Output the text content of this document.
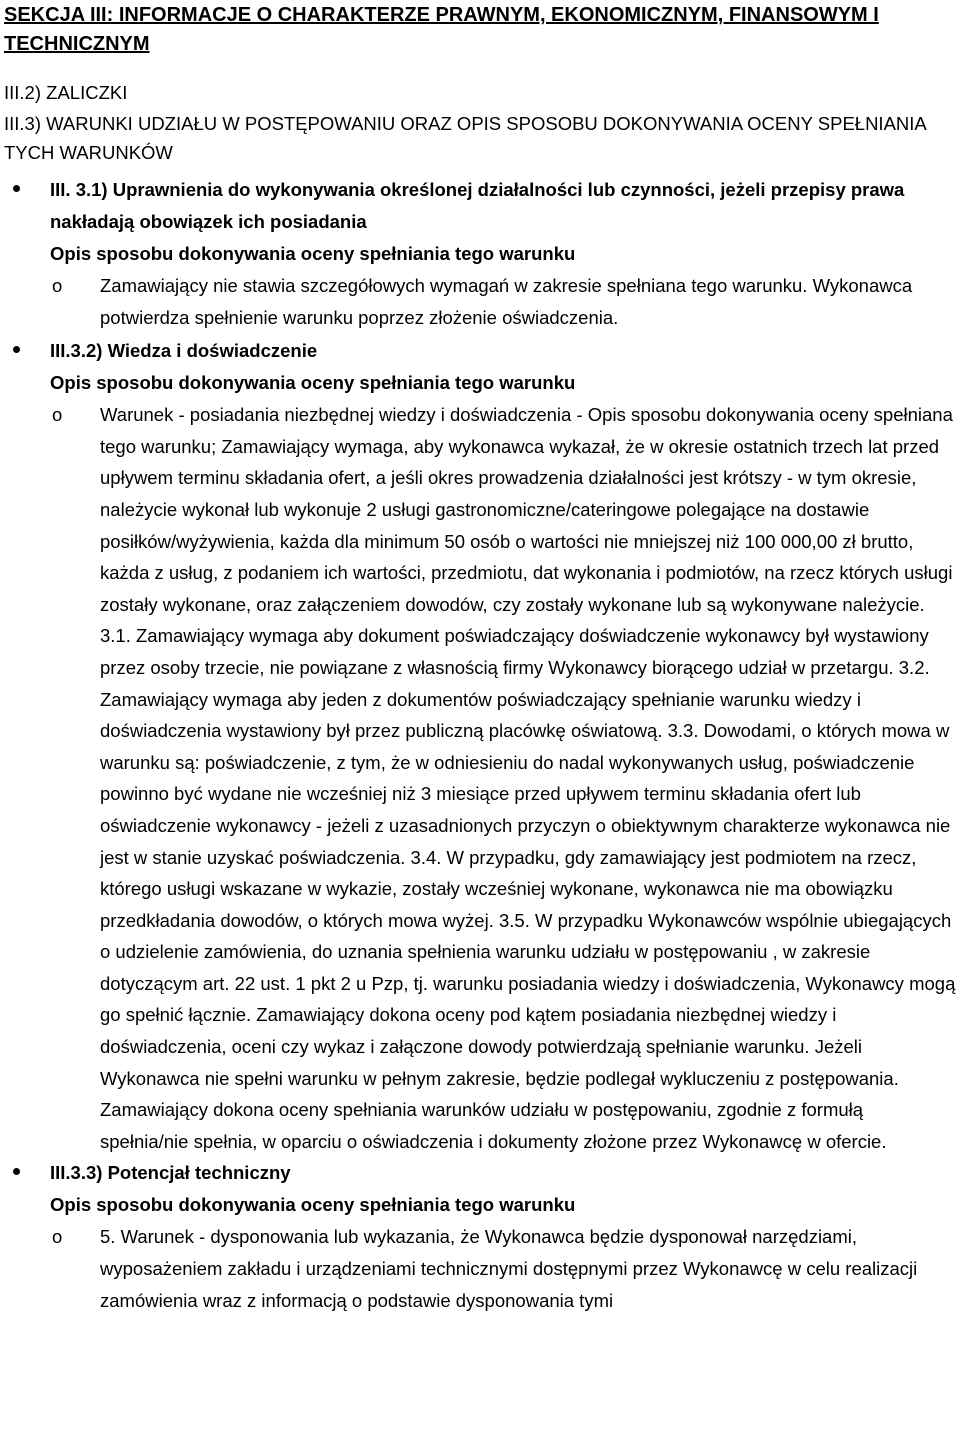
SEKCJA III: INFORMACJE O CHARAKTERZE PRAWNYM, EKONOMICZNYM, FINANSOWYM I TECHNICZNYM

III.2) ZALICZKI

III.3) WARUNKI UDZIAŁU W POSTĘPOWANIU ORAZ OPIS SPOSOBU DOKONYWANIA OCENY SPEŁNIANIA TYCH WARUNKÓW

III. 3.1) Uprawnienia do wykonywania określonej działalności lub czynności, jeżeli przepisy prawa nakładają obowiązek ich posiadania
Opis sposobu dokonywania oceny spełniania tego warunku
o Zamawiający nie stawia szczegółowych wymagań w zakresie spełniana tego warunku. Wykonawca potwierdza spełnienie warunku poprzez złożenie oświadczenia.
III.3.2) Wiedza i doświadczenie
Opis sposobu dokonywania oceny spełniania tego warunku
o Warunek - posiadania niezbędnej wiedzy i doświadczenia - Opis sposobu dokonywania oceny spełniana tego warunku; Zamawiający wymaga, aby wykonawca wykazał, że w okresie ostatnich trzech lat przed upływem terminu składania ofert, a jeśli okres prowadzenia działalności jest krótszy - w tym okresie, należycie wykonał lub wykonuje 2 usługi gastronomiczne/cateringowe polegające na dostawie posiłków/wyżywienia, każda dla minimum 50 osób o wartości nie mniejszej niż 100 000,00 zł brutto, każda z usług, z podaniem ich wartości, przedmiotu, dat wykonania i podmiotów, na rzecz których usługi zostały wykonane, oraz załączeniem dowodów, czy zostały wykonane lub są wykonywane należycie. 3.1. Zamawiający wymaga aby dokument poświadczający doświadczenie wykonawcy był wystawiony przez osoby trzecie, nie powiązane z własnością firmy Wykonawcy biorącego udział w przetargu. 3.2. Zamawiający wymaga aby jeden z dokumentów poświadczający spełnianie warunku wiedzy i doświadczenia wystawiony był przez publiczną placówkę oświatową. 3.3. Dowodami, o których mowa w warunku są: poświadczenie, z tym, że w odniesieniu do nadal wykonywanych usług, poświadczenie powinno być wydane nie wcześniej niż 3 miesiące przed upływem terminu składania ofert lub oświadczenie wykonawcy - jeżeli z uzasadnionych przyczyn o obiektywnym charakterze wykonawca nie jest w stanie uzyskać poświadczenia. 3.4. W przypadku, gdy zamawiający jest podmiotem na rzecz, którego usługi wskazane w wykazie, zostały wcześniej wykonane, wykonawca nie ma obowiązku przedkładania dowodów, o których mowa wyżej. 3.5. W przypadku Wykonawców wspólnie ubiegających o udzielenie zamówienia, do uznania spełnienia warunku udziału w postępowaniu , w zakresie dotyczącym art. 22 ust. 1 pkt 2 u Pzp, tj. warunku posiadania wiedzy i doświadczenia, Wykonawcy mogą go spełnić łącznie. Zamawiający dokona oceny pod kątem posiadania niezbędnej wiedzy i doświadczenia, oceni czy wykaz i załączone dowody potwierdzają spełnianie warunku. Jeżeli Wykonawca nie spełni warunku w pełnym zakresie, będzie podlegał wykluczeniu z postępowania. Zamawiający dokona oceny spełniania warunków udziału w postępowaniu, zgodnie z formułą spełnia/nie spełnia, w oparciu o oświadczenia i dokumenty złożone przez Wykonawcę w ofercie.
III.3.3) Potencjał techniczny
Opis sposobu dokonywania oceny spełniania tego warunku
o 5. Warunek - dysponowania lub wykazania, że Wykonawca będzie dysponował narzędziami, wyposażeniem zakładu i urządzeniami technicznymi dostępnymi przez Wykonawcę w celu realizacji zamówienia wraz z informacją o podstawie dysponowania tymi
